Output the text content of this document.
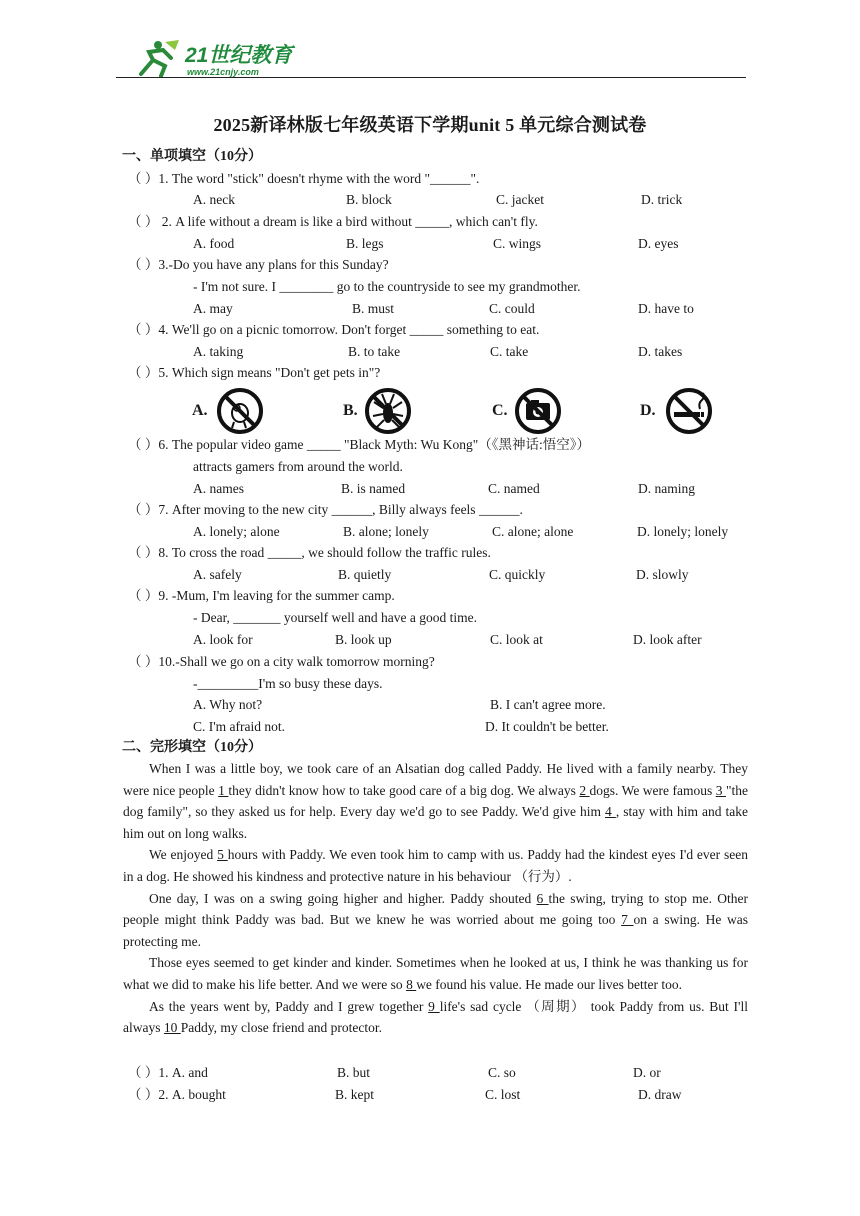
21世纪教育
www.21cnjy.com
2025新译林版七年级英语下学期unit 5 单元综合测试卷
一、单项填空（10分）
（ ）1. The word "stick" doesn't rhyme with the word "______".
A. neck	B. block	C. jacket	D. trick
（ ） 2. A life without a dream is like a bird without _____, which can't fly.
A. food	B. legs	C. wings	D. eyes
（ ）3.-Do you have any plans for this Sunday?
- I'm not sure. I ________ go to the countryside to see my grandmother.
A. may	B. must	C. could	D. have to
（ ）4. We'll go on a picnic tomorrow. Don't forget _____ something to eat.
A. taking	B. to take	C. take	D. takes
（ ）5. Which sign means "Don't get pets in"?
A.	B.	C.	D.
（ ）6. The popular video game _____ "Black Myth: Wu Kong"（《黑神话:悟空》）
attracts gamers from around the world.
A. names	B. is named	C. named	D. naming
（ ）7. After moving to the new city ______, Billy always feels ______.
A. lonely; alone	B. alone; lonely	C. alone; alone	D. lonely; lonely
（ ）8. To cross the road _____, we should follow the traffic rules.
A. safely	B. quietly	C. quickly	D. slowly
（ ）9. -Mum, I'm leaving for the summer camp.
- Dear, _______ yourself well and have a good time.
A. look for	B. look up	C. look at	D. look after
（ ）10.-Shall we go on a city walk tomorrow morning?
-_________I'm so busy these days.
A. Why not?	B. I can't agree more.
C. I'm afraid not.	D. It couldn't be better.
二、完形填空（10分）

When I was a little boy, we took care of an Alsatian dog called Paddy. He lived with a family nearby. They were nice people 1 they didn't know how to take good care of a big dog. We always 2 dogs. We were famous 3 "the dog family", so they asked us for help. Every day we'd go to see Paddy. We'd give him 4 , stay with him and take him out on long walks.

We enjoyed 5 hours with Paddy. We even took him to camp with us. Paddy had the kindest eyes I'd ever seen in a dog. He showed his kindness and protective nature in his behaviour （行为）.

One day, I was on a swing going higher and higher. Paddy shouted 6 the swing, trying to stop me. Other people might think Paddy was bad. But we knew he was worried about me going too 7 on a swing. He was protecting me.

Those eyes seemed to get kinder and kinder. Sometimes when he looked at us, I think he was thanking us for what we did to make his life better. And we were so 8 we found his value. He made our lives better too.

As the years went by, Paddy and I grew together 9 life's sad cycle （周期） took Paddy from us. But I'll always 10 Paddy, my close friend and protector.

（ ）1. A. and	B. but	C. so	D. or
（ ）2. A. bought	B. kept	C. lost	D. draw
